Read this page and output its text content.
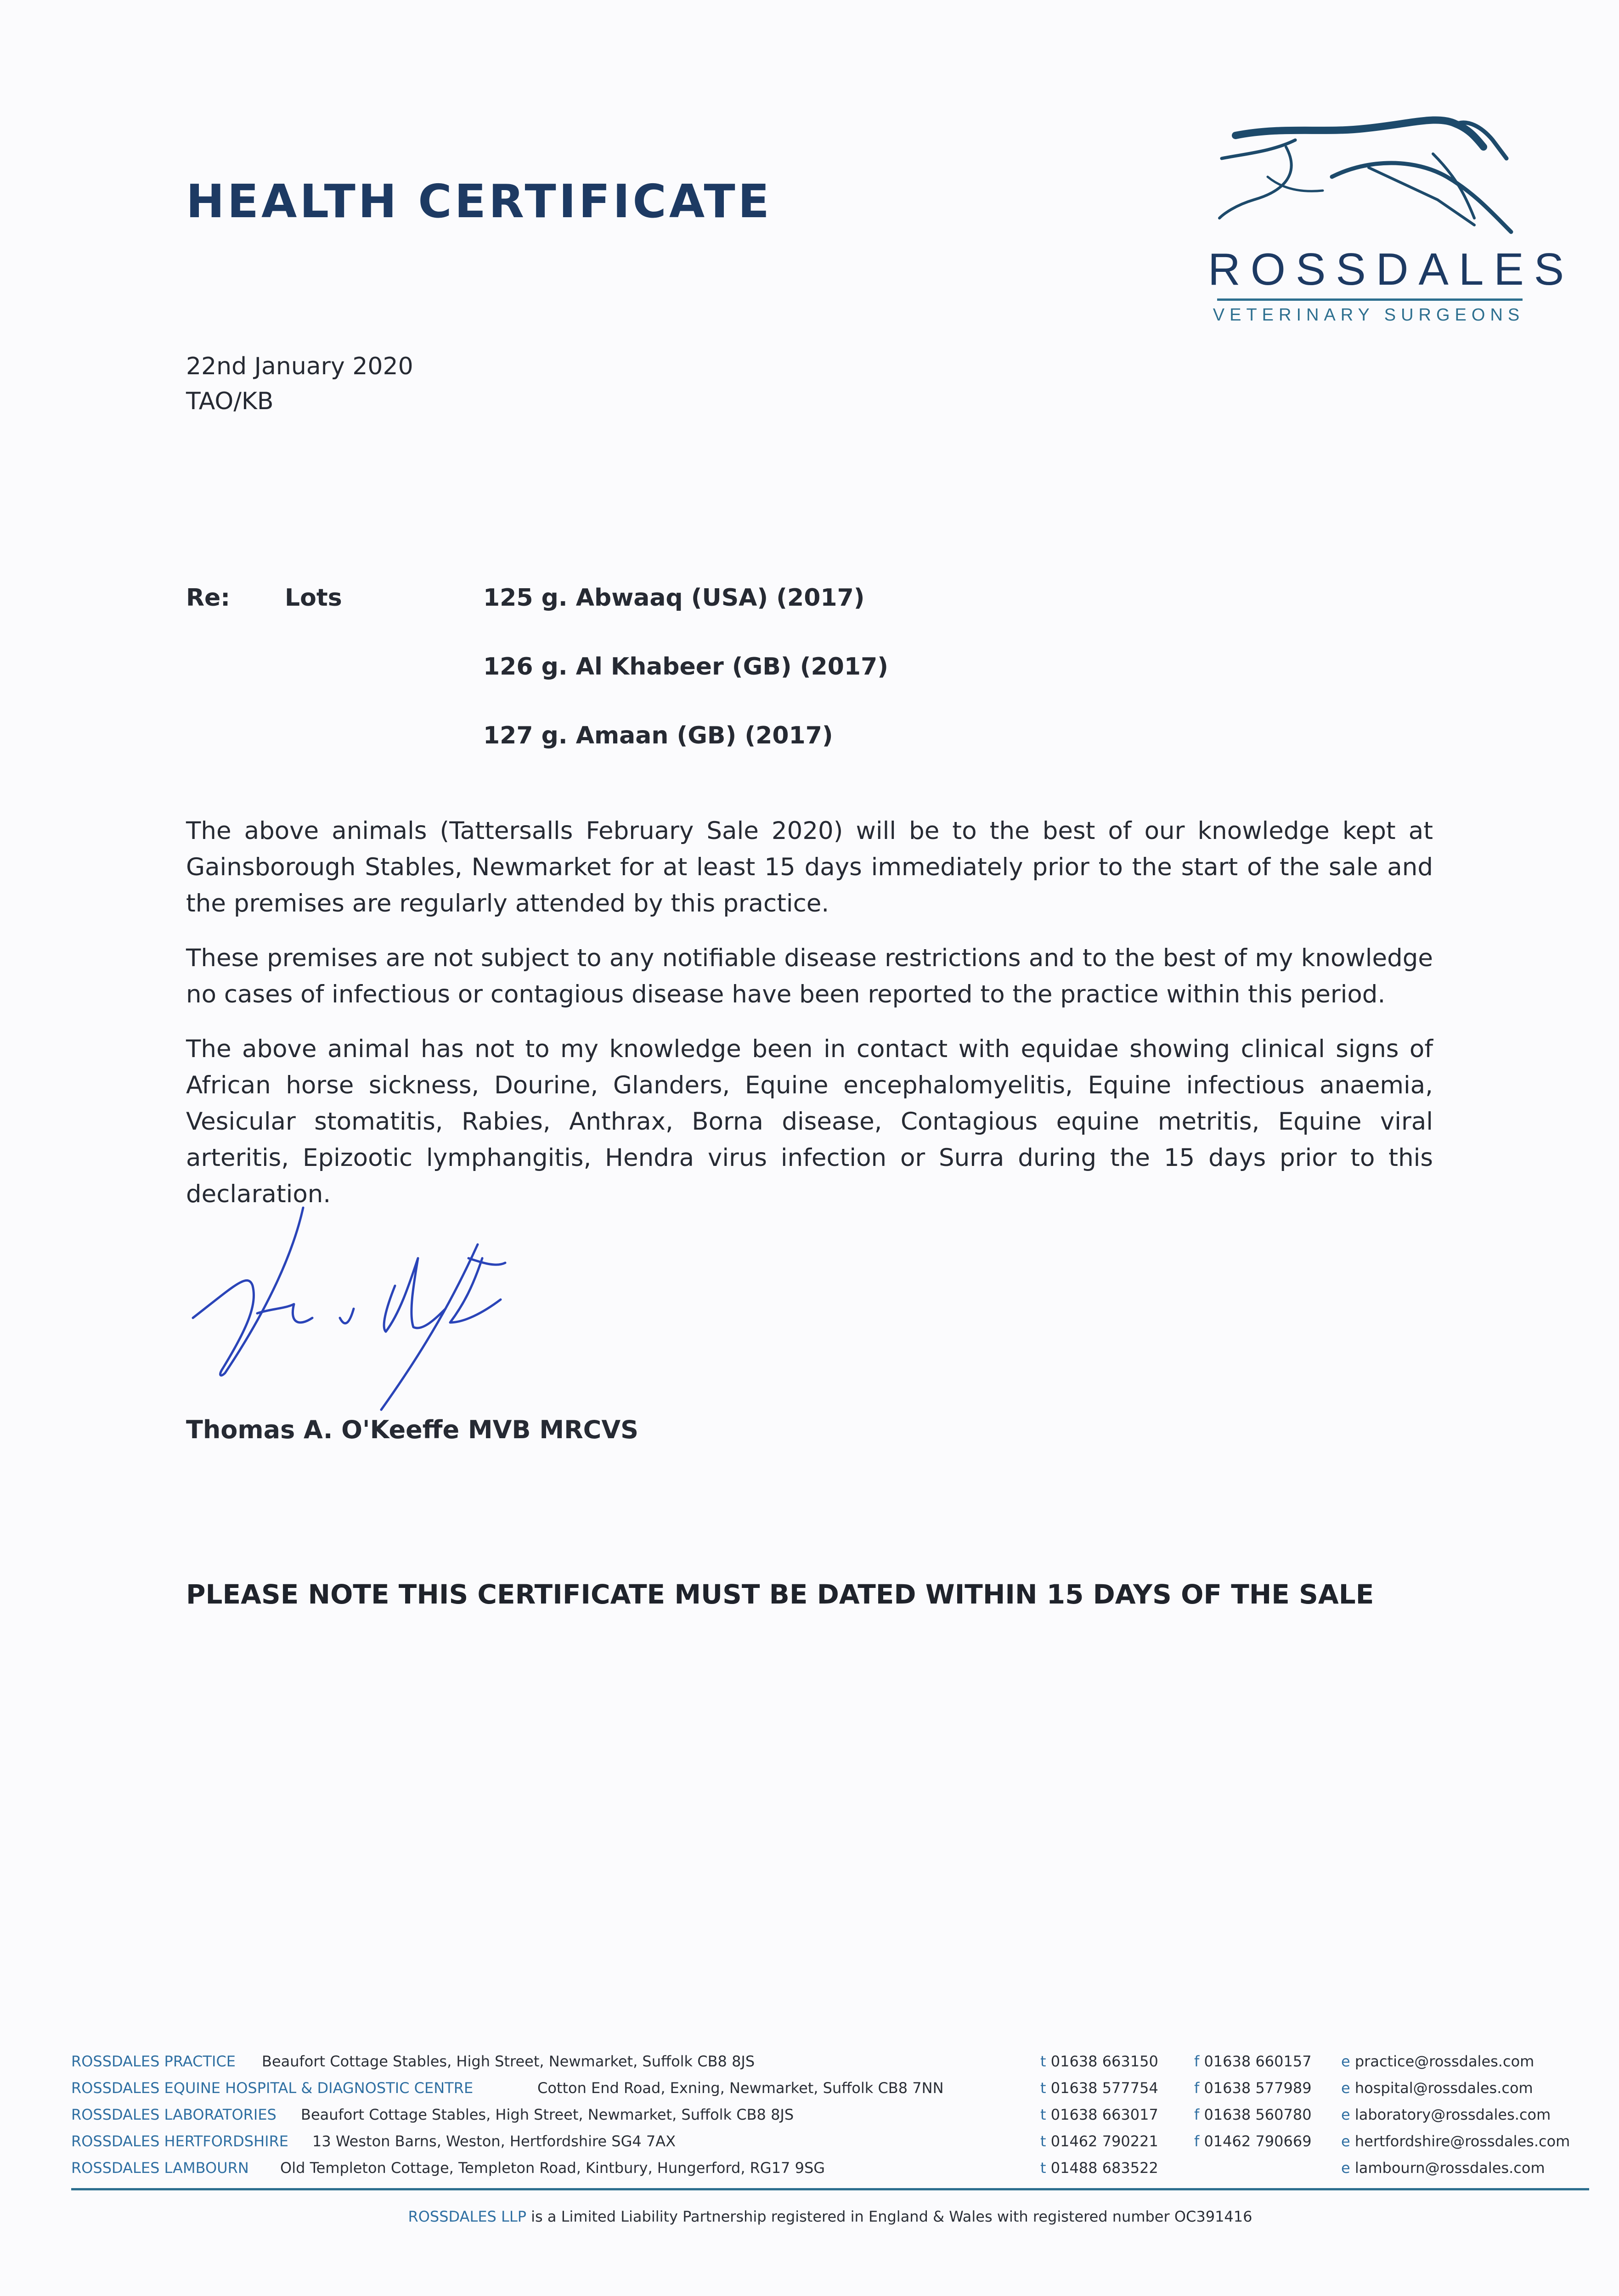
HEALTH CERTIFICATE
ROSSDALES
VETERINARY SURGEONS
22nd January 2020
TAO/KB
Re: Lots	125 g. Abwaaq (USA) (2017)
126 g. Al Khabeer (GB) (2017)
127 g. Amaan (GB) (2017)

The above animals (Tattersalls February Sale 2020) will be to the best of our knowledge kept at Gainsborough Stables, Newmarket for at least 15 days immediately prior to the start of the sale and the premises are regularly attended by this practice.

These premises are not subject to any notifiable disease restrictions and to the best of my knowledge no cases of infectious or contagious disease have been reported to the practice within this period.

The above animal has not to my knowledge been in contact with equidae showing clinical signs of African horse sickness, Dourine, Glanders, Equine encephalomyelitis, Equine infectious anaemia, Vesicular stomatitis, Rabies, Anthrax, Borna disease, Contagious equine metritis, Equine viral arteritis, Epizootic lymphangitis, Hendra virus infection or Surra during the 15 days prior to this declaration.

Thomas A. O'Keeffe MVB MRCVS
PLEASE NOTE THIS CERTIFICATE MUST BE DATED WITHIN 15 DAYS OF THE SALE
ROSSDALES PRACTICE Beaufort Cottage Stables, High Street, Newmarket, Suffolk CB8 8JS	t 01638 663150 f 01638 660157 e practice@rossdales.com
ROSSDALES EQUINE HOSPITAL & DIAGNOSTIC CENTRE	Cotton End Road, Exning, Newmarket, Suffolk CB8 7NN	t 01638 577754 f 01638 577989 e hospital@rossdales.com
ROSSDALES LABORATORIES Beaufort Cottage Stables, High Street, Newmarket, Suffolk CB8 8JS	t 01638 663017 f 01638 560780 e laboratory@rossdales.com
ROSSDALES HERTFORDSHIRE 13 Weston Barns, Weston, Hertfordshire SG4 7AX	t 01462 790221 f 01462 790669 e hertfordshire@rossdales.com
ROSSDALES LAMBOURN Old Templeton Cottage, Templeton Road, Kintbury, Hungerford, RG17 9SG	t 01488 683522	e lambourn@rossdales.com
ROSSDALES LLP is a Limited Liability Partnership registered in England & Wales with registered number OC391416
